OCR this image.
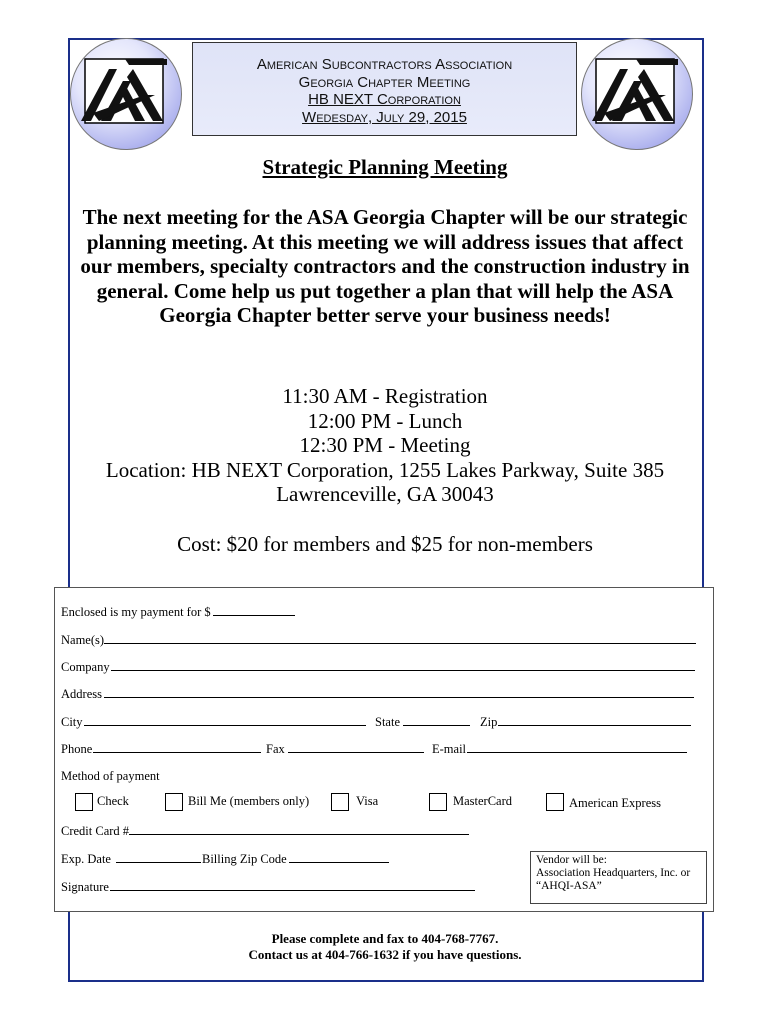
American Subcontractors Association
Georgia Chapter Meeting
HB NEXT Corporation
Wedesday, July 29, 2015
Strategic Planning Meeting
The next meeting for the ASA Georgia Chapter will be our strategic planning meeting. At this meeting we will address issues that affect our members, specialty contractors and the construction industry in general. Come help us put together a plan that will help the ASA Georgia Chapter better serve your business needs!
11:30 AM - Registration
12:00 PM - Lunch
12:30 PM - Meeting
Location: HB NEXT Corporation, 1255 Lakes Parkway, Suite 385
Lawrenceville, GA 30043
Cost: $20 for members and $25 for non-members
Enclosed is my payment for $
Name(s)
Company
Address
City	State	Zip
Phone	Fax	E-mail
Method of payment
Check	Bill Me (members only)	Visa	MasterCard	American Express
Credit Card #
Exp. Date	Billing Zip Code
Signature
Vendor will be:
Association Headquarters, Inc. or
“AHQI-ASA”
Please complete and fax to 404-768-7767.
Contact us at 404-766-1632 if you have questions.
